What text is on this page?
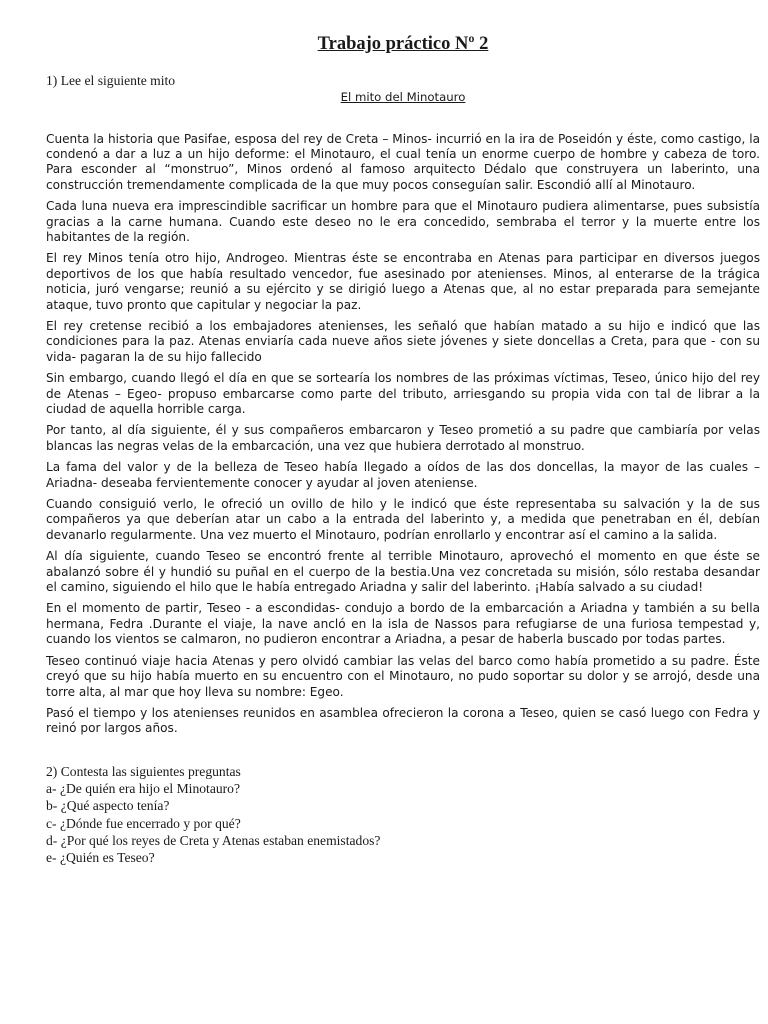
Trabajo práctico Nº 2

1) Lee el siguiente mito

El mito del Minotauro

Cuenta la historia que Pasifae, esposa del rey de Creta – Minos- incurrió en la ira de Poseidón y éste, como castigo, la condenó a dar a luz a un hijo deforme: el Minotauro, el cual tenía un enorme cuerpo de hombre y cabeza de toro. Para esconder al “monstruo”, Minos ordenó al famoso arquitecto Dédalo que construyera un laberinto, una construcción tremendamente complicada de la que muy pocos conseguían salir. Escondió allí al Minotauro.

Cada luna nueva era imprescindible sacrificar un hombre para que el Minotauro pudiera alimentarse, pues subsistía gracias a la carne humana. Cuando este deseo no le era concedido, sembraba el terror y la muerte entre los habitantes de la región.

El rey Minos tenía otro hijo, Androgeo. Mientras éste se encontraba en Atenas para participar en diversos juegos deportivos de los que había resultado vencedor, fue asesinado por atenienses. Minos, al enterarse de la trágica noticia, juró vengarse; reunió a su ejército y se dirigió luego a Atenas que, al no estar preparada para semejante ataque, tuvo pronto que capitular y negociar la paz.

El rey cretense recibió a los embajadores atenienses, les señaló que habían matado a su hijo e indicó que las condiciones para la paz. Atenas enviaría cada nueve años siete jóvenes y siete doncellas a Creta, para que - con su vida- pagaran la de su hijo fallecido

Sin embargo, cuando llegó el día en que se sortearía los nombres de las próximas víctimas, Teseo, único hijo del rey de Atenas – Egeo- propuso embarcarse como parte del tributo, arriesgando su propia vida con tal de librar a la ciudad de aquella horrible carga.

Por tanto, al día siguiente, él y sus compañeros embarcaron y Teseo prometió a su padre que cambiaría por velas blancas las negras velas de la embarcación, una vez que hubiera derrotado al monstruo.

La fama del valor y de la belleza de Teseo había llegado a oídos de las dos doncellas, la mayor de las cuales –Ariadna- deseaba fervientemente conocer y ayudar al joven ateniense.

Cuando consiguió verlo, le ofreció un ovillo de hilo y le indicó que éste representaba su salvación y la de sus compañeros ya que deberían atar un cabo a la entrada del laberinto y, a medida que penetraban en él, debían devanarlo regularmente. Una vez muerto el Minotauro, podrían enrollarlo y encontrar así el camino a la salida.

Al día siguiente, cuando Teseo se encontró frente al terrible Minotauro, aprovechó el momento en que éste se abalanzó sobre él y hundió su puñal en el cuerpo de la bestia.Una vez concretada su misión, sólo restaba desandar el camino, siguiendo el hilo que le había entregado Ariadna y salir del laberinto. ¡Había salvado a su ciudad!

En el momento de partir, Teseo - a escondidas- condujo a bordo de la embarcación a Ariadna y también a su bella hermana, Fedra .Durante el viaje, la nave ancló en la isla de Nassos para refugiarse de una furiosa tempestad y, cuando los vientos se calmaron, no pudieron encontrar a Ariadna, a pesar de haberla buscado por todas partes.

Teseo continuó viaje hacia Atenas y pero olvidó cambiar las velas del barco como había prometido a su padre. Éste creyó que su hijo había muerto en su encuentro con el Minotauro, no pudo soportar su dolor y se arrojó, desde una torre alta, al mar que hoy lleva su nombre: Egeo.

Pasó el tiempo y los atenienses reunidos en asamblea ofrecieron la corona a Teseo, quien se casó luego con Fedra y reinó por largos años.

2) Contesta las siguientes preguntas

a- ¿De quién era hijo el Minotauro?

b- ¿Qué aspecto tenía?

c- ¿Dónde fue encerrado y por qué?

d- ¿Por qué los reyes de Creta y Atenas estaban enemistados?

e- ¿Quién es Teseo?
